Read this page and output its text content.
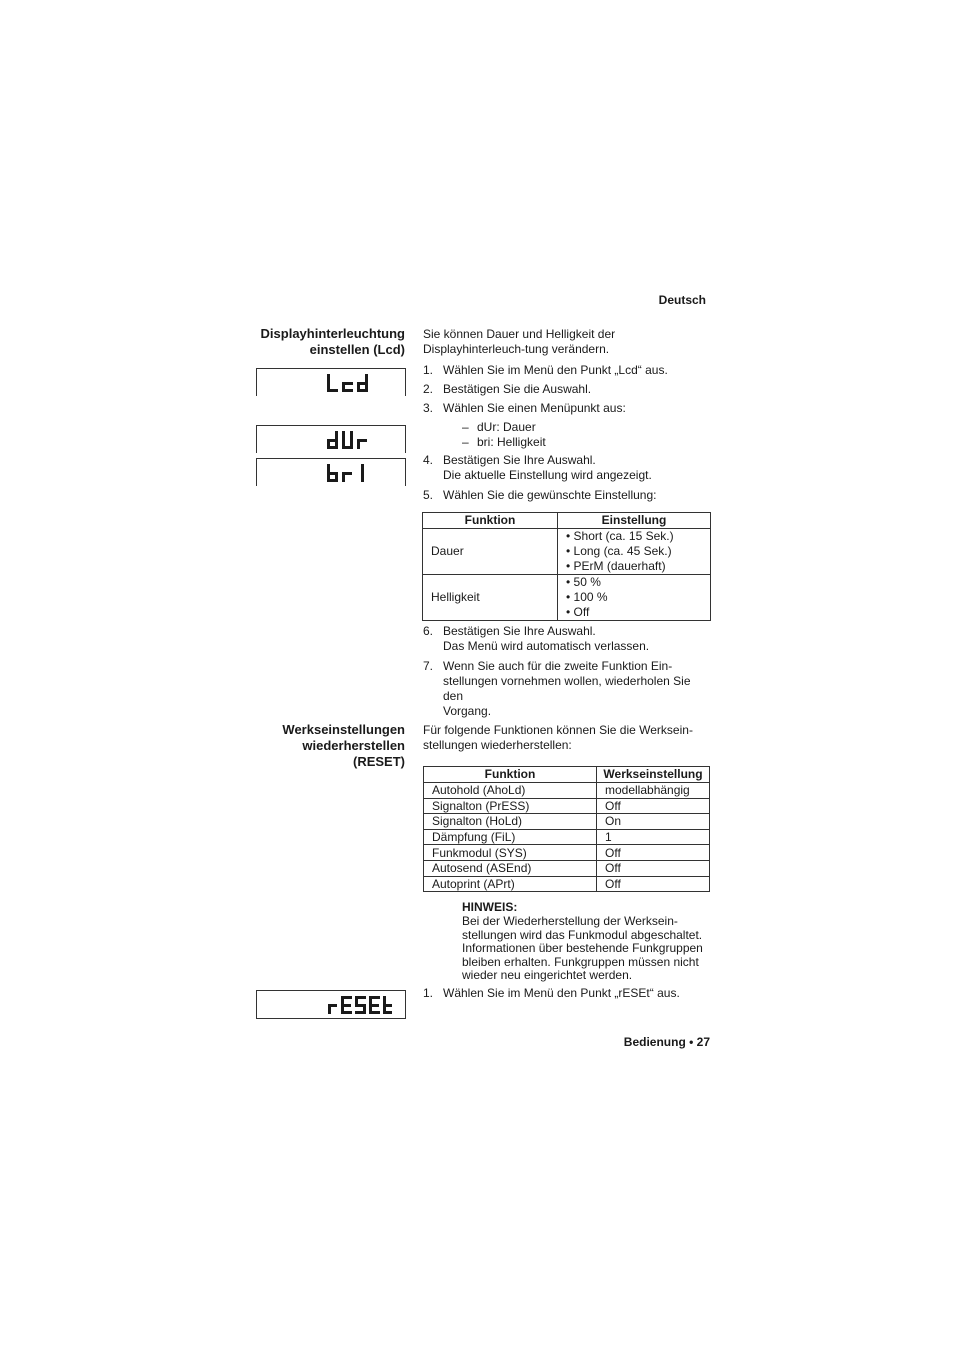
Deutsch
Displayhinterleuchtung einstellen (Lcd)
Sie können Dauer und Helligkeit der Displayhinterleuch-tung verändern.
1. Wählen Sie im Menü den Punkt „Lcd“ aus.
2. Bestätigen Sie die Auswahl.
3. Wählen Sie einen Menüpunkt aus:
– dUr: Dauer
– bri: Helligkeit
4. Bestätigen Sie Ihre Auswahl.
Die aktuelle Einstellung wird angezeigt.
5. Wählen Sie die gewünschte Einstellung:
Funktion	Einstellung
Dauer	• Short (ca. 15 Sek.)
• Long (ca. 45 Sek.)
• PErM (dauerhaft)

Helligkeit	• 50 %
• 100 %
• Off
6. Bestätigen Sie Ihre Auswahl.
Das Menü wird automatisch verlassen.
7. Wenn Sie auch für die zweite Funktion Ein-
stellungen vornehmen wollen, wiederholen Sie den
Vorgang.
Werkseinstellungen
wiederherstellen
(RESET)
Für folgende Funktionen können Sie die Werksein-stellungen wiederherstellen:
Funktion	Werkseinstellung
Autohold (AhoLd)	modellabhängig
Signalton (PrESS)	Off
Signalton (HoLd)	On
Dämpfung (FiL)	1
Funkmodul (SYS)	Off
Autosend (ASEnd)	Off
Autoprint (APrt)	Off
HINWEIS:
Bei der Wiederherstellung der Werksein-
stellungen wird das Funkmodul abgeschaltet.
Informationen über bestehende Funkgruppen
bleiben erhalten. Funkgruppen müssen nicht
wieder neu eingerichtet werden.
1. Wählen Sie im Menü den Punkt „rESEt“ aus.
Bedienung • 27
